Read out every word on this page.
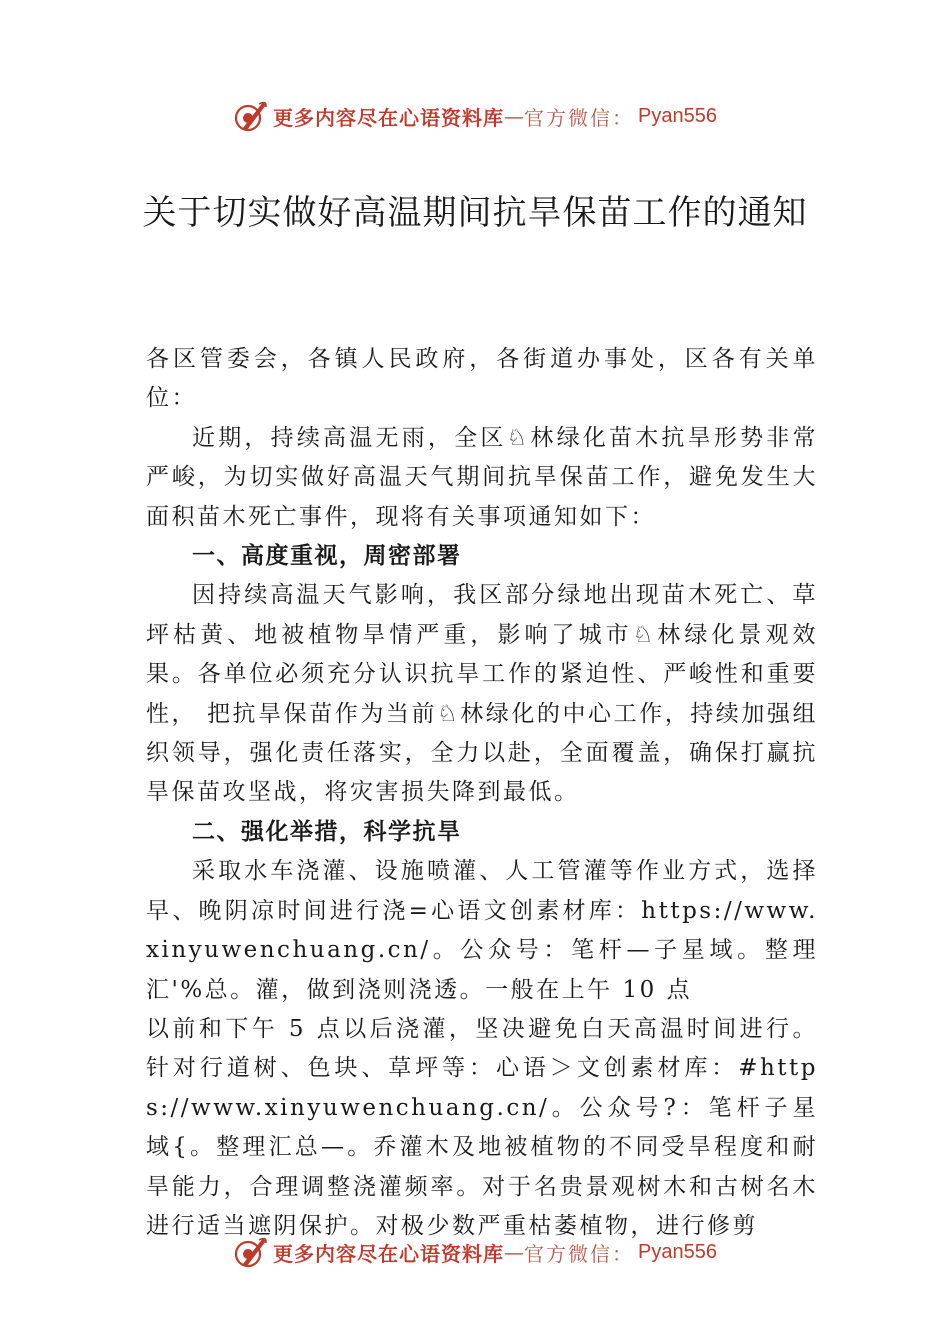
更多内容尽在心语资料库 — 官方微信： Pyan556
关于切实做好高温期间抗旱保苗工作的通知

各区管委会，各镇人民政府，各街道办事处，区各有关单位：

近期，持续高温无雨，全区♘林绿化苗木抗旱形势非常严峻，为切实做好高温天气期间抗旱保苗工作，避免发生大面积苗木死亡事件，现将有关事项通知如下：

一、高度重视，周密部署

因持续高温天气影响，我区部分绿地出现苗木死亡、草坪枯黄、地被植物旱情严重，影响了城市♘林绿化景观效果。各单位必须充分认识抗旱工作的紧迫性、严峻性和重要性， 把抗旱保苗作为当前♘林绿化的中心工作，持续加强组织领导，强化责任落实，全力以赴，全面覆盖，确保打赢抗旱保苗攻坚战，将灾害损失降到最低。

二、强化举措，科学抗旱

采取水车浇灌、设施喷灌、人工管灌等作业方式，选择早、晚阴凉时间进行浇=心语文创素材库：https://www.xinyuwenchuang.cn/。公众号：笔杆—子星域。整理汇'%总。灌，做到浇则浇透。一般在上午 10 点

以前和下午 5 点以后浇灌，坚决避免白天高温时间进行。针对行道树、色块、草坪等：心语＞文创素材库：#https://www.xinyuwenchuang.cn/。公众号?：笔杆子星域{。整理汇总—。乔灌木及地被植物的不同受旱程度和耐旱能力，合理调整浇灌频率。对于名贵景观树木和古树名木进行适当遮阴保护。对极少数严重枯萎植物，进行修剪

更多内容尽在心语资料库 — 官方微信： Pyan556
